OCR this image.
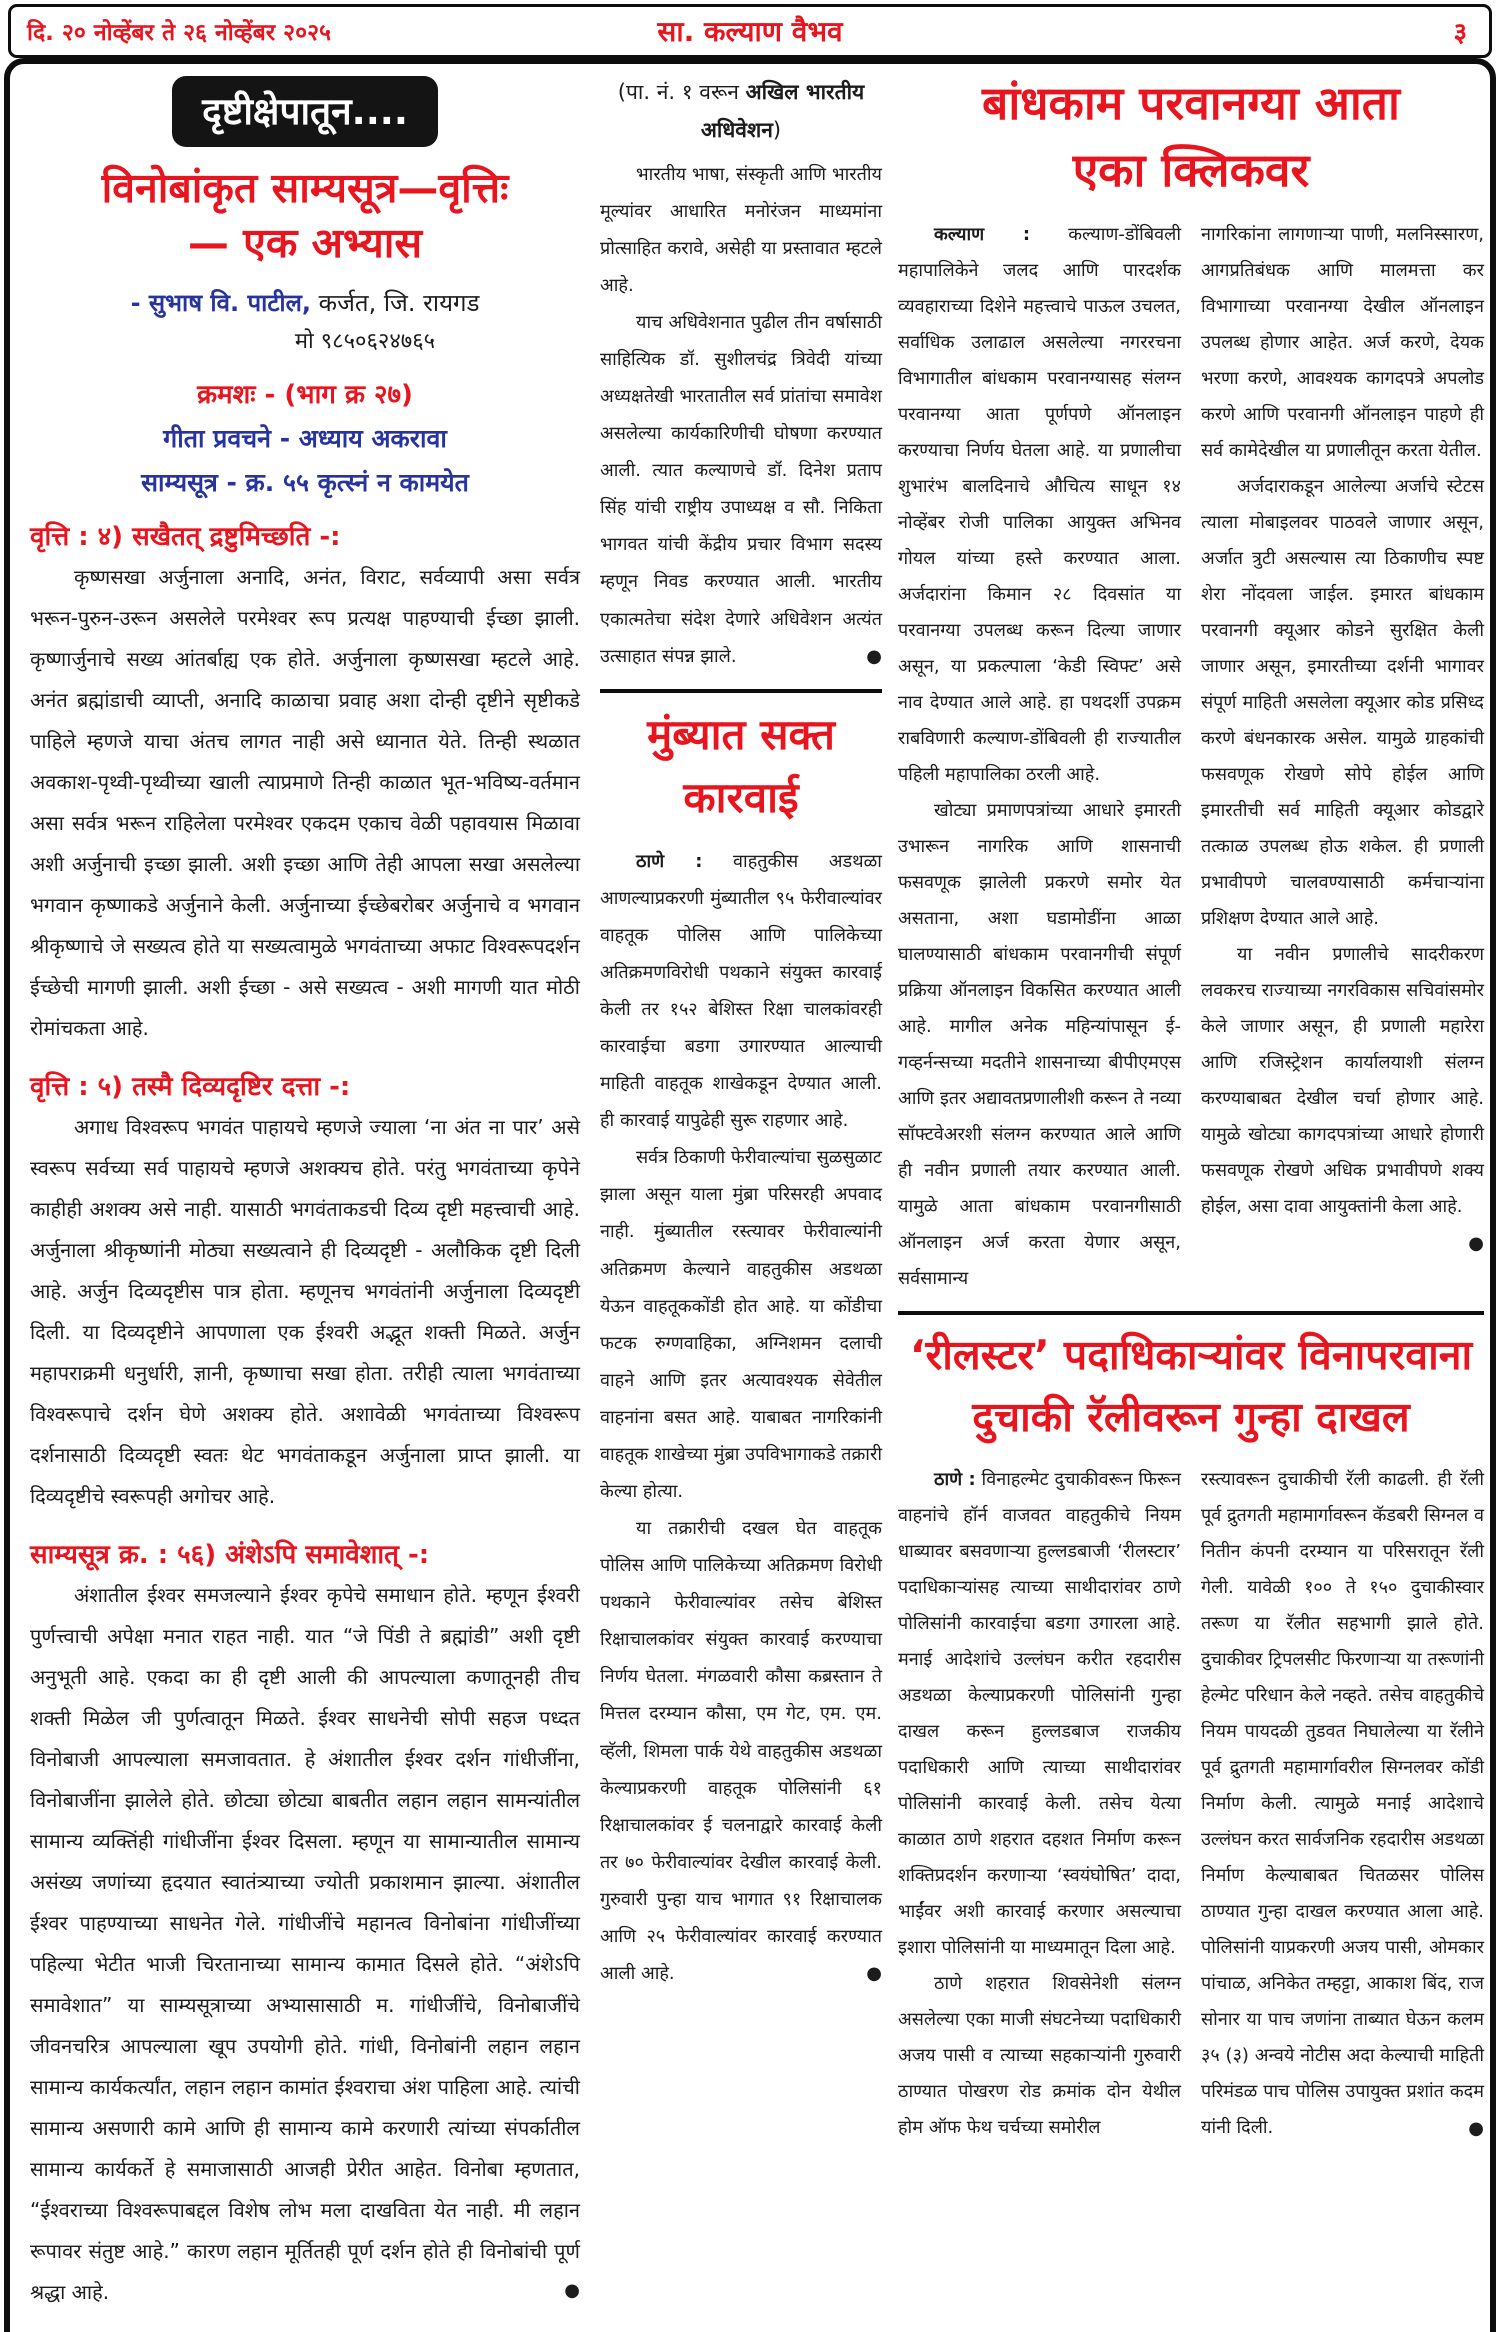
दि. २० नोव्हेंबर ते २६ नोव्हेंबर २०२५	सा. कल्याण वैभव	३
दृष्टीक्षेपातून....
विनोबांकृत साम्यसूत्र—वृत्तिः
— एक अभ्यास
- सुभाष वि. पाटील, कर्जत, जि. रायगड
मो ९८५०६२४७६५
क्रमशः - (भाग क्र २७)
गीता प्रवचने - अध्याय अकरावा
साम्यसूत्र - क्र. ५५ कृत्स्नं न कामयेत
वृत्ति : ४) सखैतत् द्रष्टुमिच्छति -:

कृष्णसखा अर्जुनाला अनादि, अनंत, विराट, सर्वव्यापी असा सर्वत्र भरून-पुरुन-उरून असलेले परमेश्वर रूप प्रत्यक्ष पाहण्याची ईच्छा झाली. कृष्णार्जुनाचे सख्य आंतर्बाह्य एक होते. अर्जुनाला कृष्णसखा म्हटले आहे. अनंत ब्रह्मांडाची व्याप्ती, अनादि काळाचा प्रवाह अशा दोन्ही दृष्टीने सृष्टीकडे पाहिले म्हणजे याचा अंतच लागत नाही असे ध्यानात येते. तिन्ही स्थळात अवकाश-पृथ्वी-पृथ्वीच्या खाली त्याप्रमाणे तिन्ही काळात भूत-भविष्य-वर्तमान असा सर्वत्र भरून राहिलेला परमेश्वर एकदम एकाच वेळी पहावयास मिळावा अशी अर्जुनाची इच्छा झाली. अशी इच्छा आणि तेही आपला सखा असलेल्या भगवान कृष्णाकडे अर्जुनाने केली. अर्जुनाच्या ईच्छेबरोबर अर्जुनाचे व भगवान श्रीकृष्णाचे जे सख्यत्व होते या सख्यत्वामुळे भगवंताच्या अफाट विश्वरूपदर्शन ईच्छेची मागणी झाली. अशी ईच्छा - असे सख्यत्व - अशी मागणी यात मोठी रोमांचकता आहे.

वृत्ति : ५) तस्मै दिव्यदृष्टिर दत्ता -:

अगाध विश्वरूप भगवंत पाहायचे म्हणजे ज्याला ‘ना अंत ना पार’ असे स्वरूप सर्वच्या सर्व पाहायचे म्हणजे अशक्यच होते. परंतु भगवंताच्या कृपेने काहीही अशक्य असे नाही. यासाठी भगवंताकडची दिव्य दृष्टी महत्त्वाची आहे. अर्जुनाला श्रीकृष्णांनी मोठ्या सख्यत्वाने ही दिव्यदृष्टी - अलौकिक दृष्टी दिली आहे. अर्जुन दिव्यदृष्टीस पात्र होता. म्हणूनच भगवंतांनी अर्जुनाला दिव्यदृष्टी दिली. या दिव्यदृष्टीने आपणाला एक ईश्वरी अद्भूत शक्ती मिळते. अर्जुन महापराक्रमी धनुर्धारी, ज्ञानी, कृष्णाचा सखा होता. तरीही त्याला भगवंताच्या विश्वरूपाचे दर्शन घेणे अशक्य होते. अशावेळी भगवंताच्या विश्वरूप दर्शनासाठी दिव्यदृष्टी स्वतः थेट भगवंताकडून अर्जुनाला प्राप्त झाली. या दिव्यदृष्टीचे स्वरूपही अगोचर आहे.

साम्यसूत्र क्र. : ५६) अंशेऽपि समावेशात् -:

अंशातील ईश्वर समजल्याने ईश्वर कृपेचे समाधान होते. म्हणून ईश्वरी पुर्णत्त्वाची अपेक्षा मनात राहत नाही. यात “जे पिंडी ते ब्रह्मांडी” अशी दृष्टी अनुभूती आहे. एकदा का ही दृष्टी आली की आपल्याला कणातूनही तीच शक्ती मिळेल जी पुर्णत्वातून मिळते. ईश्वर साधनेची सोपी सहज पध्दत विनोबाजी आपल्याला समजावतात. हे अंशातील ईश्वर दर्शन गांधीजींना, विनोबाजींना झालेले होते. छोट्या छोट्या बाबतीत लहान लहान सामन्यांतील सामान्य व्यक्तिंही गांधीजींना ईश्वर दिसला. म्हणून या सामान्यातील सामान्य असंख्य जणांच्या हृदयात स्वातंत्र्याच्या ज्योती प्रकाशमान झाल्या. अंशातील ईश्वर पाहण्याच्या साधनेत गेले. गांधीजींचे महानत्व विनोबांना गांधीजींच्या पहिल्या भेटीत भाजी चिरतानाच्या सामान्य कामात दिसले होते. “अंशेऽपि समावेशात” या साम्यसूत्राच्या अभ्यासासाठी म. गांधीजींचे, विनोबाजींचे जीवनचरित्र आपल्याला खूप उपयोगी होते. गांधी, विनोबांनी लहान लहान सामान्य कार्यकर्त्यांत, लहान लहान कामांत ईश्वराचा अंश पाहिला आहे. त्यांची सामान्य असणारी कामे आणि ही सामान्य कामे करणारी त्यांच्या संपर्कातील सामान्य कार्यकर्ते हे समाजासाठी आजही प्रेरीत आहेत. विनोबा म्हणतात, “ईश्वराच्या विश्वरूपाबद्दल विशेष लोभ मला दाखविता येत नाही. मी लहान रूपावर संतुष्ट आहे.” कारण लहान मूर्तितही पूर्ण दर्शन होते ही विनोबांची पूर्ण श्रद्धा आहे.	●

(पा. नं. १ वरून अखिल भारतीय अधिवेशन)

भारतीय भाषा, संस्कृती आणि भारतीय मूल्यांवर आधारित मनोरंजन माध्यमांना प्रोत्साहित करावे, असेही या प्रस्तावात म्हटले आहे.

याच अधिवेशनात पुढील तीन वर्षासाठी साहित्यिक डॉ. सुशीलचंद्र त्रिवेदी यांच्या अध्यक्षतेखी भारतातील सर्व प्रांतांचा समावेश असलेल्या कार्यकारिणीची घोषणा करण्यात आली. त्यात कल्याणचे डॉ. दिनेश प्रताप सिंह यांची राष्ट्रीय उपाध्यक्ष व सौ. निकिता भागवत यांची केंद्रीय प्रचार विभाग सदस्य म्हणून निवड करण्यात आली. भारतीय एकात्मतेचा संदेश देणारे अधिवेशन अत्यंत उत्साहात संपन्न झाले.	●

मुंब्यात सक्त कारवाई

ठाणे : वाहतुकीस अडथळा आणल्याप्रकरणी मुंब्यातील ९५ फेरीवाल्यांवर वाहतूक पोलिस आणि पालिकेच्या अतिक्रमणविरोधी पथकाने संयुक्त कारवाई केली तर १५२ बेशिस्त रिक्षा चालकांवरही कारवाईचा बडगा उगारण्यात आल्याची माहिती वाहतूक शाखेकडून देण्यात आली. ही कारवाई यापुढेही सुरू राहणार आहे.

सर्वत्र ठिकाणी फेरीवाल्यांचा सुळसुळाट झाला असून याला मुंब्रा परिसरही अपवाद नाही. मुंब्यातील रस्त्यावर फेरीवाल्यांनी अतिक्रमण केल्याने वाहतुकीस अडथळा येऊन वाहतूककोंडी होत आहे. या कोंडीचा फटक रुग्णवाहिका, अग्निशमन दलाची वाहने आणि इतर अत्यावश्यक सेवेतील वाहनांना बसत आहे. याबाबत नागरिकांनी वाहतूक शाखेच्या मुंब्रा उपविभागाकडे तक्रारी केल्या होत्या.

या तक्रारीची दखल घेत वाहतूक पोलिस आणि पालिकेच्या अतिक्रमण विरोधी पथकाने फेरीवाल्यांवर तसेच बेशिस्त रिक्षाचालकांवर संयुक्त कारवाई करण्याचा निर्णय घेतला. मंगळवारी कौसा कब्रस्तान ते मित्तल दरम्यान कौसा, एम गेट, एम. एम. व्हॅली, शिमला पार्क येथे वाहतुकीस अडथळा केल्याप्रकरणी वाहतूक पोलिसांनी ६१ रिक्षाचालकांवर ई चलनाद्वारे कारवाई केली तर ७० फेरीवाल्यांवर देखील कारवाई केली. गुरुवारी पुन्हा याच भागात ९१ रिक्षाचालक आणि २५ फेरीवाल्यांवर कारवाई करण्यात आली आहे.	●

बांधकाम परवानग्या आता
एका क्लिकवर

कल्याण : कल्याण-डोंबिवली महापालिकेने जलद आणि पारदर्शक व्यवहाराच्या दिशेने महत्त्वाचे पाऊल उचलत, सर्वाधिक उलाढाल असलेल्या नगररचना विभागातील बांधकाम परवानग्यासह संलग्न परवानग्या आता पूर्णपणे ऑनलाइन करण्याचा निर्णय घेतला आहे. या प्रणालीचा शुभारंभ बालदिनाचे औचित्य साधून १४ नोव्हेंबर रोजी पालिका आयुक्त अभिनव गोयल यांच्या हस्ते करण्यात आला. अर्जदारांना किमान २८ दिवसांत या परवानग्या उपलब्ध करून दिल्या जाणार असून, या प्रकल्पाला ‘केडी स्विफ्ट’ असे नाव देण्यात आले आहे. हा पथदर्शी उपक्रम राबविणारी कल्याण-डोंबिवली ही राज्यातील पहिली महापालिका ठरली आहे.

खोट्या प्रमाणपत्रांच्या आधारे इमारती उभारून नागरिक आणि शासनाची फसवणूक झालेली प्रकरणे समोर येत असताना, अशा घडामोडींना आळा घालण्यासाठी बांधकाम परवानगीची संपूर्ण प्रक्रिया ऑनलाइन विकसित करण्यात आली आहे. मागील अनेक महिन्यांपासून ई-गव्हर्नन्सच्या मदतीने शासनाच्या बीपीएमएस आणि इतर अद्यावतप्रणालीशी करून ते नव्या सॉफ्टवेअरशी संलग्न करण्यात आले आणि ही नवीन प्रणाली तयार करण्यात आली. यामुळे आता बांधकाम परवानगीसाठी ऑनलाइन अर्ज करता येणार असून, सर्वसामान्य

नागरिकांना लागणाऱ्या पाणी, मलनिस्सारण, आगप्रतिबंधक आणि मालमत्ता कर विभागाच्या परवानग्या देखील ऑनलाइन उपलब्ध होणार आहेत. अर्ज करणे, देयक भरणा करणे, आवश्यक कागदपत्रे अपलोड करणे आणि परवानगी ऑनलाइन पाहणे ही सर्व कामेदेखील या प्रणालीतून करता येतील.

अर्जदाराकडून आलेल्या अर्जाचे स्टेटस त्याला मोबाइलवर पाठवले जाणार असून, अर्जात त्रुटी असल्यास त्या ठिकाणीच स्पष्ट शेरा नोंदवला जाईल. इमारत बांधकाम परवानगी क्यूआर कोडने सुरक्षित केली जाणार असून, इमारतीच्या दर्शनी भागावर संपूर्ण माहिती असलेला क्यूआर कोड प्रसिध्द करणे बंधनकारक असेल. यामुळे ग्राहकांची फसवणूक रोखणे सोपे होईल आणि इमारतीची सर्व माहिती क्यूआर कोडद्वारे तत्काळ उपलब्ध होऊ शकेल. ही प्रणाली प्रभावीपणे चालवण्यासाठी कर्मचाऱ्यांना प्रशिक्षण देण्यात आले आहे.

या नवीन प्रणालीचे सादरीकरण लवकरच राज्याच्या नगरविकास सचिवांसमोर केले जाणार असून, ही प्रणाली महारेरा आणि रजिस्ट्रेशन कार्यालयाशी संलग्न करण्याबाबत देखील चर्चा होणार आहे. यामुळे खोट्या कागदपत्रांच्या आधारे होणारी फसवणूक रोखणे अधिक प्रभावीपणे शक्य होईल, असा दावा आयुक्तांनी केला आहे.
●

‘रीलस्टर’ पदाधिकाऱ्यांवर विनापरवाना
दुचाकी रॅलीवरून गुन्हा दाखल

ठाणे : विनाहल्मेट दुचाकीवरून फिरून वाहनांचे हॉर्न वाजवत वाहतुकीचे नियम धाब्यावर बसवणाऱ्या हुल्लडबाजी ‘रीलस्टार’ पदाधिकाऱ्यांसह त्याच्या साथीदारांवर ठाणे पोलिसांनी कारवाईचा बडगा उगारला आहे. मनाई आदेशांचे उल्लंघन करीत रहदारीस अडथळा केल्याप्रकरणी पोलिसांनी गुन्हा दाखल करून हुल्लडबाज राजकीय पदाधिकारी आणि त्याच्या साथीदारांवर पोलिसांनी कारवाई केली. तसेच येत्या काळात ठाणे शहरात दहशत निर्माण करून शक्तिप्रदर्शन करणाऱ्या ‘स्वयंघोषित’ दादा, भाईंवर अशी कारवाई करणार असल्याचा इशारा पोलिसांनी या माध्यमातून दिला आहे.

ठाणे शहरात शिवसेनेशी संलग्न असलेल्या एका माजी संघटनेच्या पदाधिकारी अजय पासी व त्याच्या सहकाऱ्यांनी गुरुवारी ठाण्यात पोखरण रोड क्रमांक दोन येथील होम ऑफ फेथ चर्चच्या समोरील

रस्त्यावरून दुचाकीची रॅली काढली. ही रॅली पूर्व द्रुतगती महामार्गावरून कॅडबरी सिग्नल व नितीन कंपनी दरम्यान या परिसरातून रॅली गेली. यावेळी १०० ते १५० दुचाकीस्वार तरूण या रॅलीत सहभागी झाले होते. दुचाकीवर ट्रिपलसीट फिरणाऱ्या या तरूणांनी हेल्मेट परिधान केले नव्हते. तसेच वाहतुकीचे नियम पायदळी तुडवत निघालेल्या या रॅलीने पूर्व द्रुतगती महामार्गावरील सिग्नलवर कोंडी निर्माण केली. त्यामुळे मनाई आदेशाचे उल्लंघन करत सार्वजनिक रहदारीस अडथळा निर्माण केल्याबाबत चितळसर पोलिस ठाण्यात गुन्हा दाखल करण्यात आला आहे. पोलिसांनी याप्रकरणी अजय पासी, ओमकार पांचाळ, अनिकेत तम्हट्टा, आकाश बिंद, राज सोनार या पाच जणांना ताब्यात घेऊन कलम ३५ (३) अन्वये नोटीस अदा केल्याची माहिती परिमंडळ पाच पोलिस उपायुक्त प्रशांत कदम यांनी दिली.	●
